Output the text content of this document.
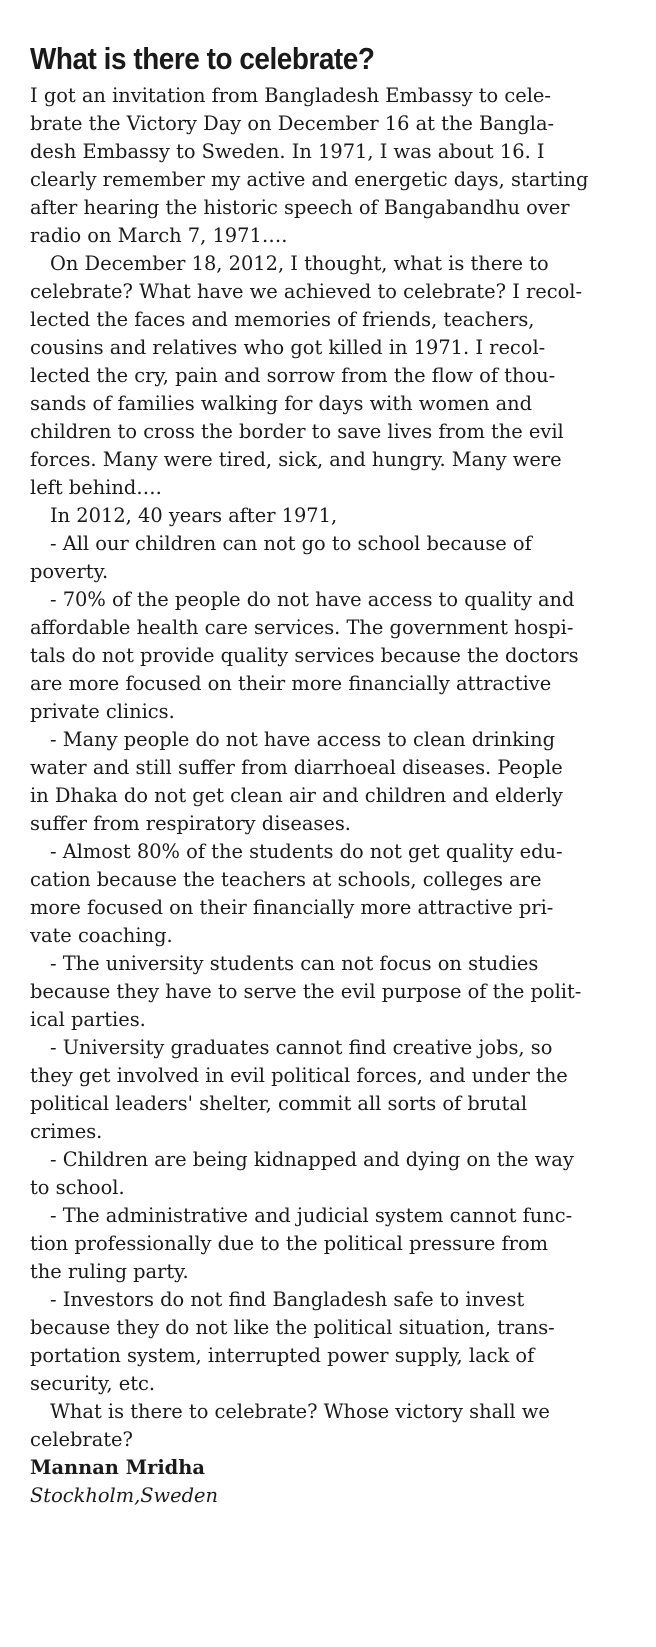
What is there to celebrate?
I got an invitation from Bangladesh Embassy to cele-
brate the Victory Day on December 16 at the Bangla-
desh Embassy to Sweden. In 1971, I was about 16. I
clearly remember my active and energetic days, starting
after hearing the historic speech of Bangabandhu over
radio on March 7, 1971….
On December 18, 2012, I thought, what is there to
celebrate? What have we achieved to celebrate? I recol-
lected the faces and memories of friends, teachers,
cousins and relatives who got killed in 1971. I recol-
lected the cry, pain and sorrow from the flow of thou-
sands of families walking for days with women and
children to cross the border to save lives from the evil
forces. Many were tired, sick, and hungry. Many were
left behind….
In 2012, 40 years after 1971,
- All our children can not go to school because of
poverty.
- 70% of the people do not have access to quality and
affordable health care services. The government hospi-
tals do not provide quality services because the doctors
are more focused on their more financially attractive
private clinics.
- Many people do not have access to clean drinking
water and still suffer from diarrhoeal diseases. People
in Dhaka do not get clean air and children and elderly
suffer from respiratory diseases.
- Almost 80% of the students do not get quality edu-
cation because the teachers at schools, colleges are
more focused on their financially more attractive pri-
vate coaching.
- The university students can not focus on studies
because they have to serve the evil purpose of the polit-
ical parties.
- University graduates cannot find creative jobs, so
they get involved in evil political forces, and under the
political leaders' shelter, commit all sorts of brutal
crimes.
- Children are being kidnapped and dying on the way
to school.
- The administrative and judicial system cannot func-
tion professionally due to the political pressure from
the ruling party.
- Investors do not find Bangladesh safe to invest
because they do not like the political situation, trans-
portation system, interrupted power supply, lack of
security, etc.
What is there to celebrate? Whose victory shall we
celebrate?

Mannan Mridha

Stockholm,Sweden
